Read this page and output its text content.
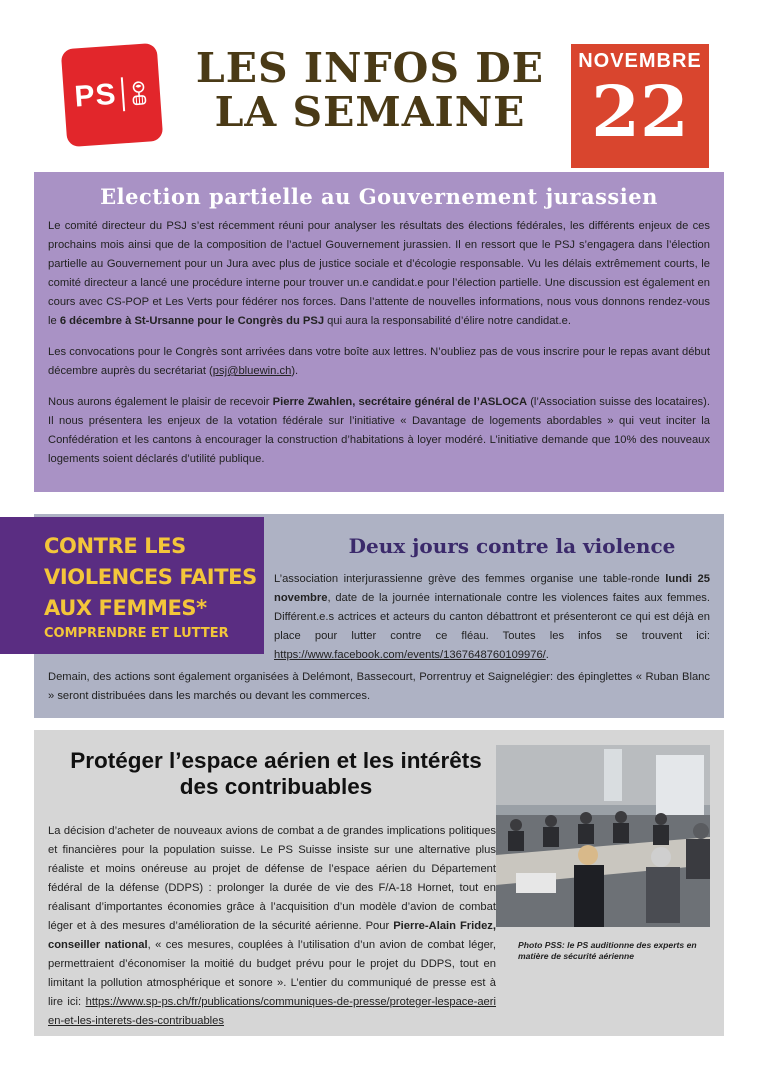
PS
LES INFOS DE
LA SEMAINE
NOVEMBRE
22
Election partielle au Gouvernement jurassien

Le comité directeur du PSJ s’est récemment réuni pour analyser les résultats des élections fédérales, les différents enjeux de ces prochains mois ainsi que de la composition de l’actuel Gouvernement jurassien. Il en ressort que le PSJ s’engagera dans l’élection partielle au Gouvernement pour un Jura avec plus de justice sociale et d’écologie responsable. Vu les délais extrêmement courts, le comité directeur a lancé une procédure interne pour trouver un.e candidat.e pour l’élection partielle. Une discussion est également en cours avec CS-POP et Les Verts pour fédérer nos forces. Dans l’attente de nouvelles informations, nous vous donnons rendez-vous le 6 décembre à St-Ursanne pour le Congrès du PSJ qui aura la responsabilité d’élire notre candidat.e.

Les convocations pour le Congrès sont arrivées dans votre boîte aux lettres. N’oubliez pas de vous inscrire pour le repas avant début décembre auprès du secrétariat (psj@bluewin.ch).

Nous aurons également le plaisir de recevoir Pierre Zwahlen, secrétaire général de l’ASLOCA (l’Association suisse des locataires). Il nous présentera les enjeux de la votation fédérale sur l’initiative « Davantage de logements abordables » qui veut inciter la Confédération et les cantons à encourager la construction d’habitations à loyer modéré. L’initiative demande que 10% des nouveaux logements soient déclarés d’utilité publique.

Deux jours contre la violence

L’association interjurassienne grève des femmes organise une table-ronde lundi 25 novembre, date de la journée internationale contre les violences faites aux femmes. Différent.e.s actrices et acteurs du canton débattront et présenteront ce qui est déjà en place pour lutter contre ce fléau. Toutes les infos se trouvent ici: https://www.facebook.com/events/1367648760109976/.

Demain, des actions sont également organisées à Delémont, Bassecourt, Porrentruy et Saignelégier: des épinglettes « Ruban Blanc » seront distribuées dans les marchés ou devant les commerces.

CONTRE LES
VIOLENCES FAITES
AUX FEMMES*
COMPRENDRE ET LUTTER
Protéger l’espace aérien et les intérêts des contribuables

La décision d’acheter de nouveaux avions de combat a de grandes implications politiques et financières pour la population suisse. Le PS Suisse insiste sur une alternative plus réaliste et moins onéreuse au projet de défense de l’espace aérien du Département fédéral de la défense (DDPS) : prolonger la durée de vie des F/A-18 Hornet, tout en réalisant d’importantes économies grâce à l’acquisition d’un modèle d’avion de combat léger et à des mesures d’amélioration de la sécurité aérienne. Pour Pierre-Alain Fridez, conseiller national, « ces mesures, couplées à l’utilisation d’un avion de combat léger, permettraient d’économiser la moitié du budget prévu pour le projet du DDPS, tout en limitant la pollution atmosphérique et sonore ». L’entier du communiqué de presse est à lire ici: https://www.sp-ps.ch/fr/publications/communiques-de-presse/proteger-lespace-aerien-et-les-interets-des-contribuables

Photo PSS: le PS auditionne des experts en matière de sécurité aérienne
